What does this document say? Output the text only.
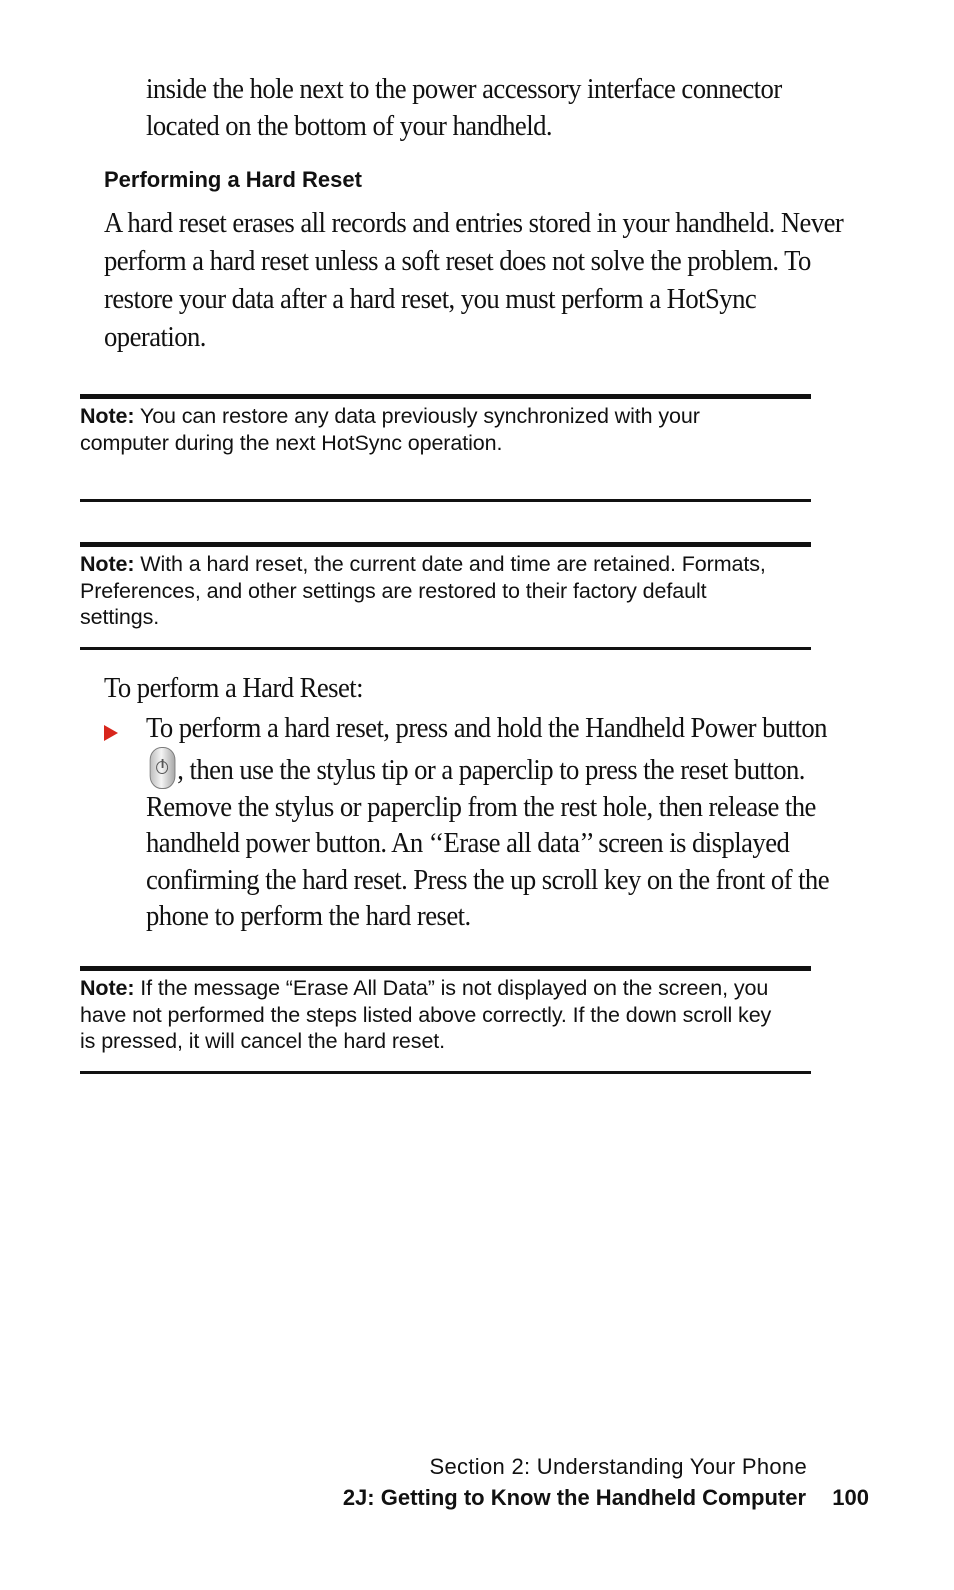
inside the hole next to the power accessory interface connector
located on the bottom of your handheld.
Performing a Hard Reset
A hard reset erases all records and entries stored in your handheld. Never
perform a hard reset unless a soft reset does not solve the problem. To
restore your data after a hard reset, you must perform a HotSync
operation.
Note: You can restore any data previously synchronized with your
computer during the next HotSync operation.
Note: With a hard reset, the current date and time are retained. Formats,
Preferences, and other settings are restored to their factory default
settings.
To perform a Hard Reset:
To perform a hard reset, press and hold the Handheld Power button
, then use the stylus tip or a paperclip to press the reset button.
Remove the stylus or paperclip from the rest hole, then release the
handheld power button. An ‘‘Erase all data’’ screen is displayed
confirming the hard reset. Press the up scroll key on the front of the
phone to perform the hard reset.
Note: If the message “Erase All Data” is not displayed on the screen, you
have not performed the steps listed above correctly. If the down scroll key
is pressed, it will cancel the hard reset.
Section 2: Understanding Your Phone
2J: Getting to Know the Handheld Computer 100
